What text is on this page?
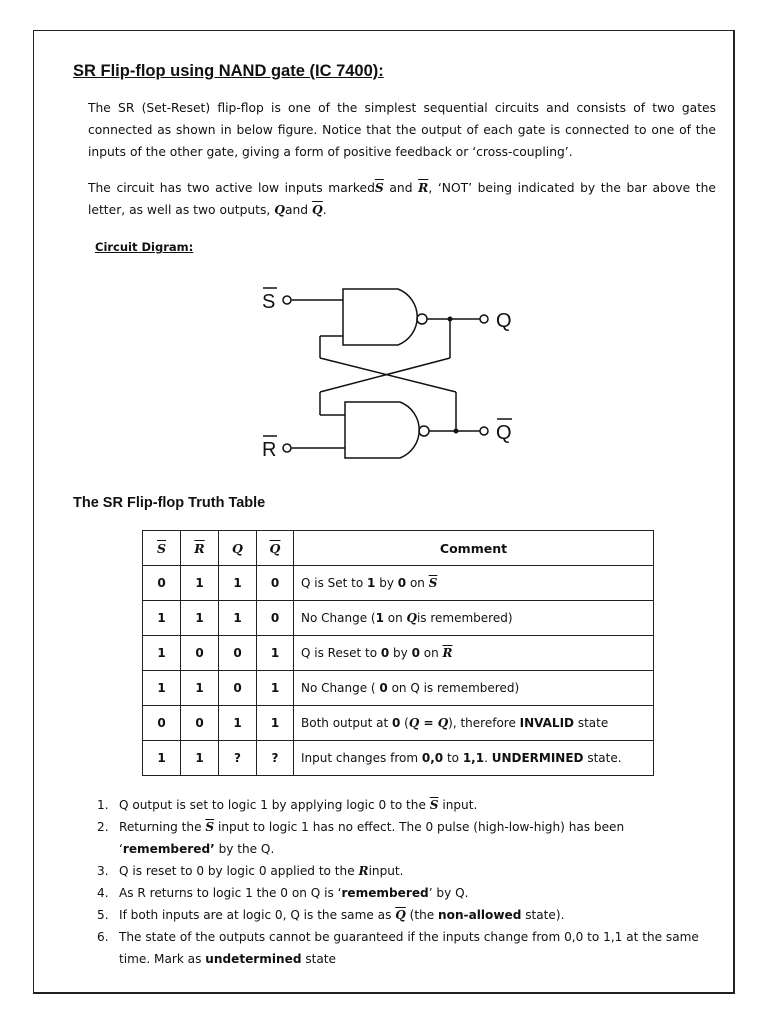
SR Flip-flop using NAND gate (IC 7400):

The SR (Set-Reset) flip-flop is one of the simplest sequential circuits and consists of two gates connected as shown in below figure. Notice that the output of each gate is connected to one of the inputs of the other gate, giving a form of positive feedback or ‘cross-coupling’.

The circuit has two active low inputs $marked\overline{S}$ and $\overline{R}$, ‘NOT’ being indicated by the bar above the letter, as well as two outputs, Qand $\overline{Q}$.

Circuit Digram:
S
R
Q
Q
The SR Flip-flop Truth Table
$\overline{S}$	$\overline{R}$	Q	$\overline{Q}$	Comment
0	1	1	0	Q is Set to 1 by 0 on $\overline{S}$
1	1	1	0	No Change (1 on Qis remembered)
1	0	0	1	Q is Reset to 0 by 0 on $\overline{R}$
1	1	0	1	No Change ( 0 on Q is remembered)
0	0	1	1	Both output at 0 (Q = Q), therefore INVALID state
1	1	?	?	Input changes from 0,0 to 1,1. UNDERMINED state.
1. Q output is set to logic 1 by applying logic 0 to the $\overline{S}$ input.
2. Returning the $\overline{S}$ input to logic 1 has no effect. The 0 pulse (high-low-high) has been ‘remembered’ by the Q.
3. Q is reset to 0 by logic 0 applied to the Rinput.
4. As R returns to logic 1 the 0 on Q is ‘remembered’ by Q.
5. If both inputs are at logic 0, Q is the same as $\overline{Q}$ (the non-allowed state).
6. The state of the outputs cannot be guaranteed if the inputs change from 0,0 to 1,1 at the same time. Mark as undetermined state
